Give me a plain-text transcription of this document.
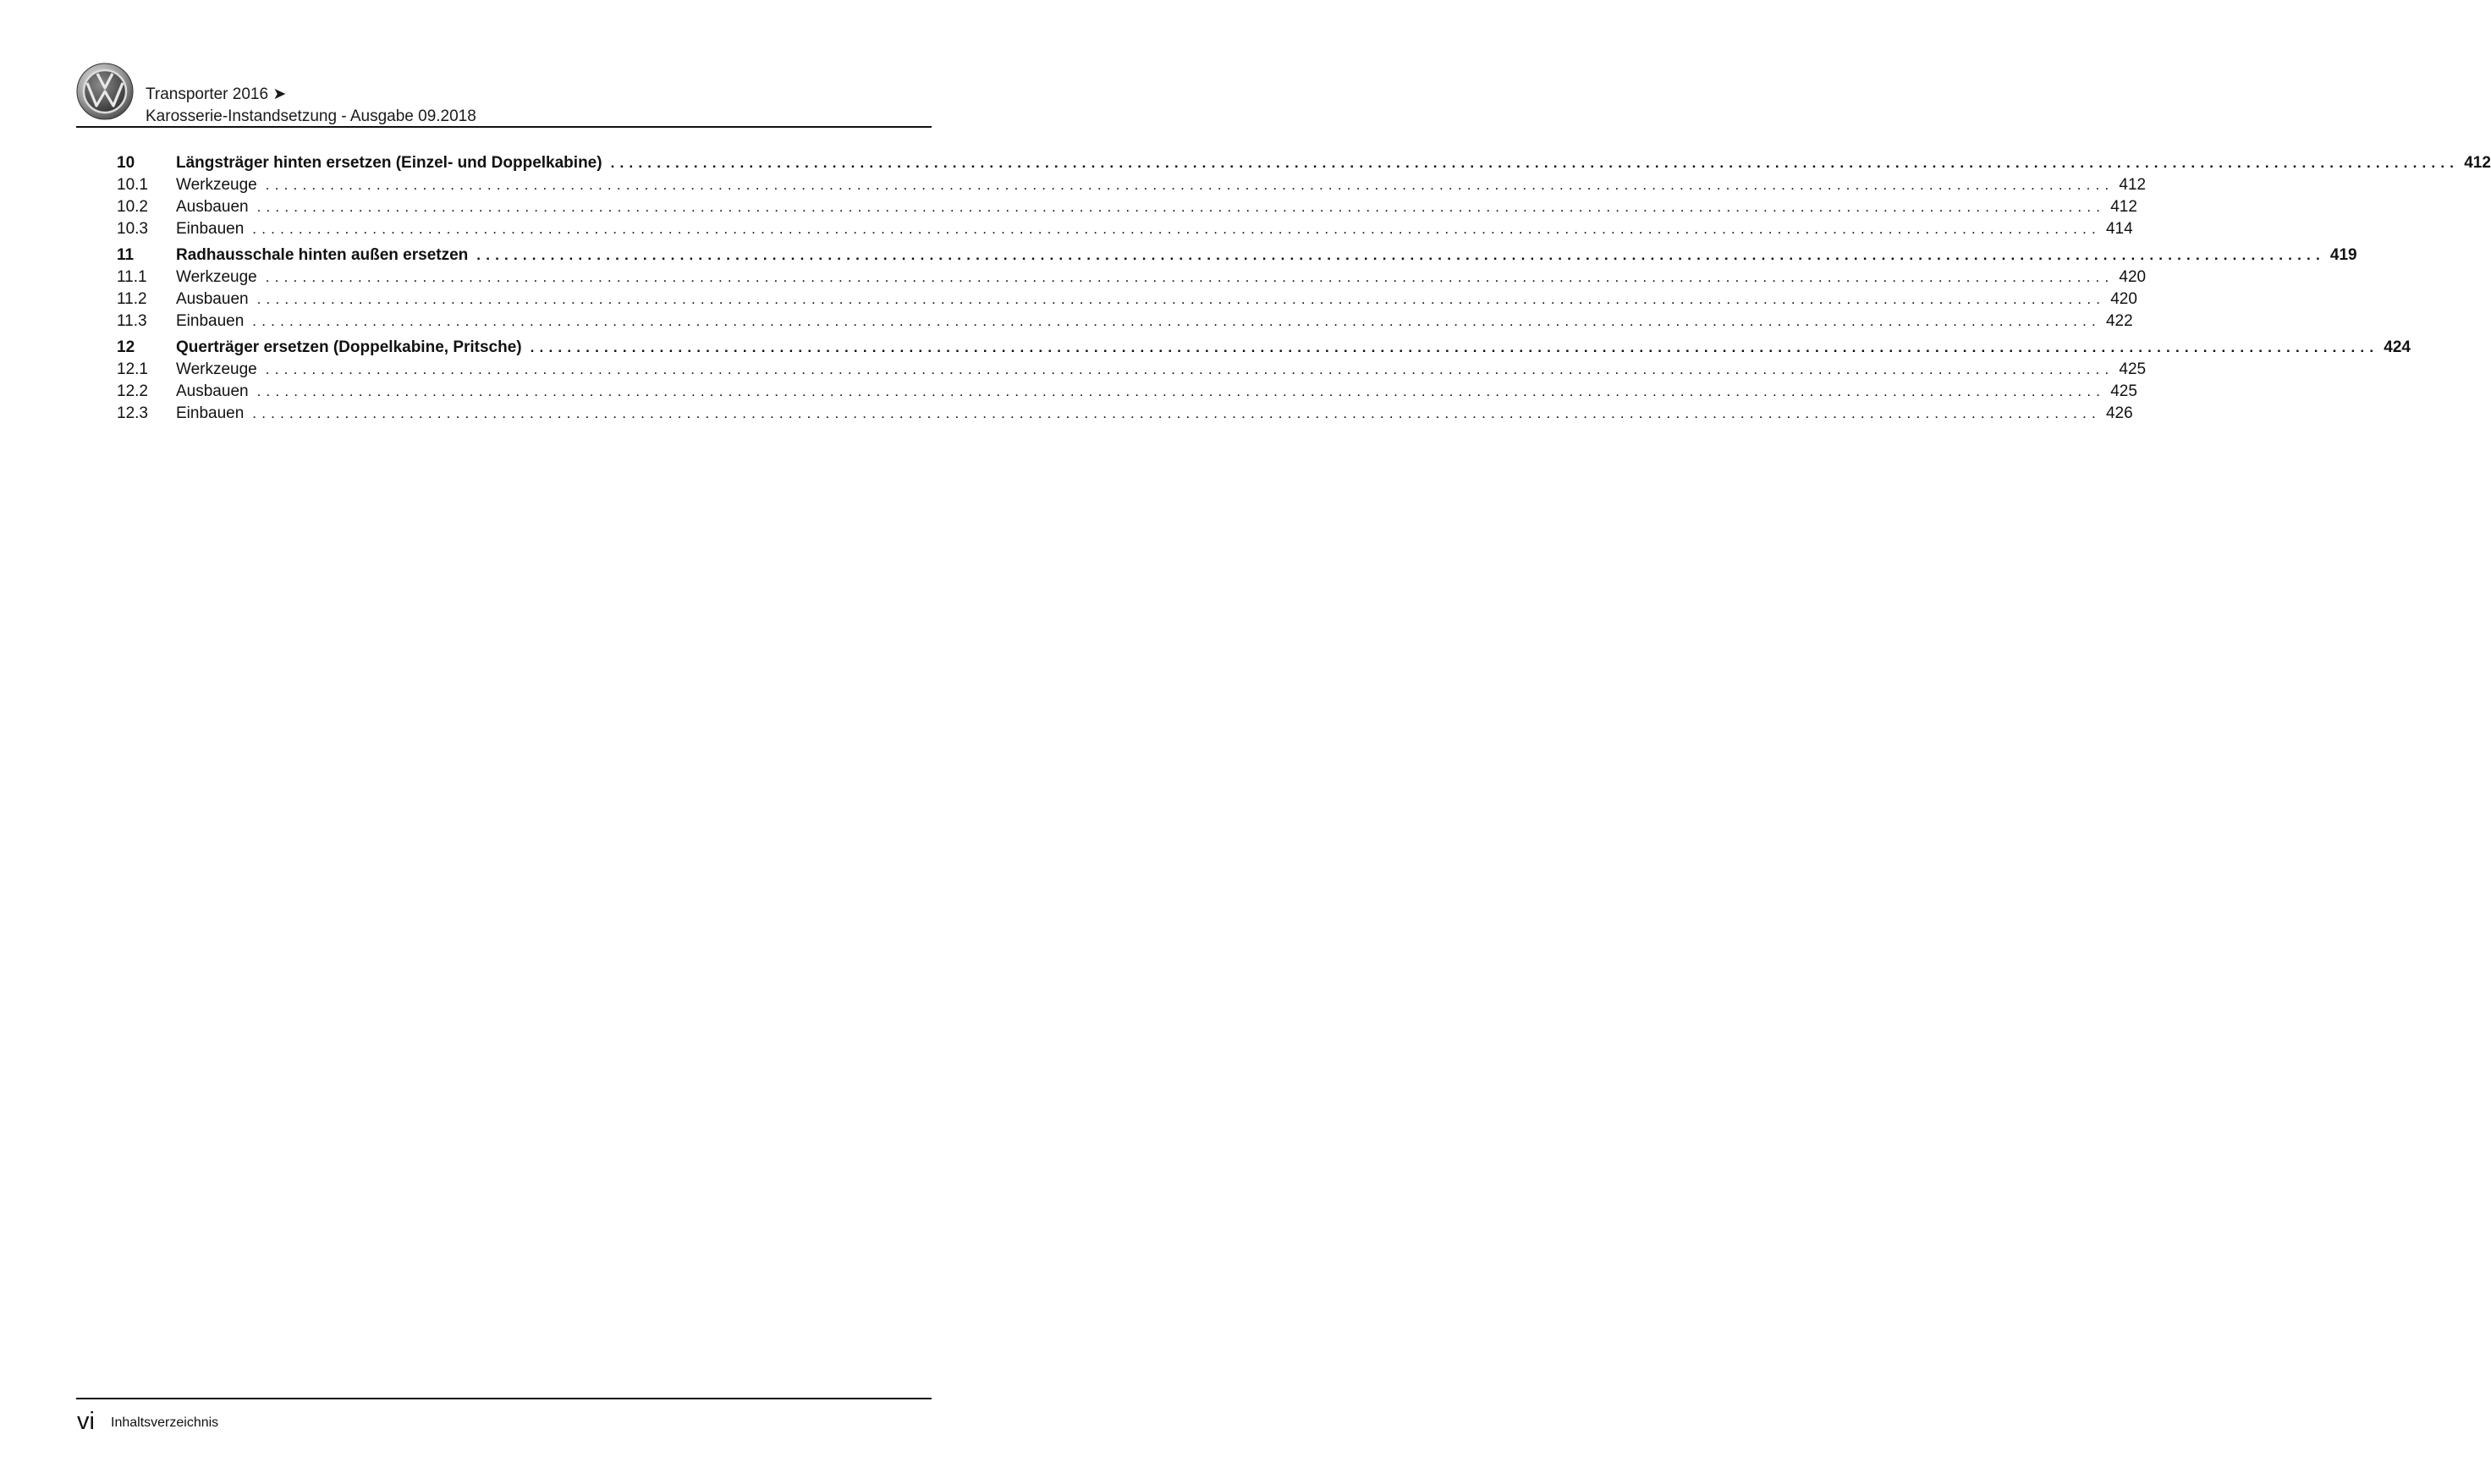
Transporter 2016 ➤
Karosserie-Instandsetzung - Ausgabe 09.2018
10	Längsträger hinten ersetzen (Einzel- und Doppelkabine) ........................................................................................................................................................................................................ 412
10.1	Werkzeuge ........................................................................................................................................................................................................ 412
10.2	Ausbauen ........................................................................................................................................................................................................ 412
10.3	Einbauen ........................................................................................................................................................................................................ 414
11	Radhausschale hinten außen ersetzen ........................................................................................................................................................................................................ 419
11.1	Werkzeuge ........................................................................................................................................................................................................ 420
11.2	Ausbauen ........................................................................................................................................................................................................ 420
11.3	Einbauen ........................................................................................................................................................................................................ 422
12	Querträger ersetzen (Doppelkabine, Pritsche) ........................................................................................................................................................................................................ 424
12.1	Werkzeuge ........................................................................................................................................................................................................ 425
12.2	Ausbauen ........................................................................................................................................................................................................ 425
12.3	Einbauen ........................................................................................................................................................................................................ 426
vi Inhaltsverzeichnis
